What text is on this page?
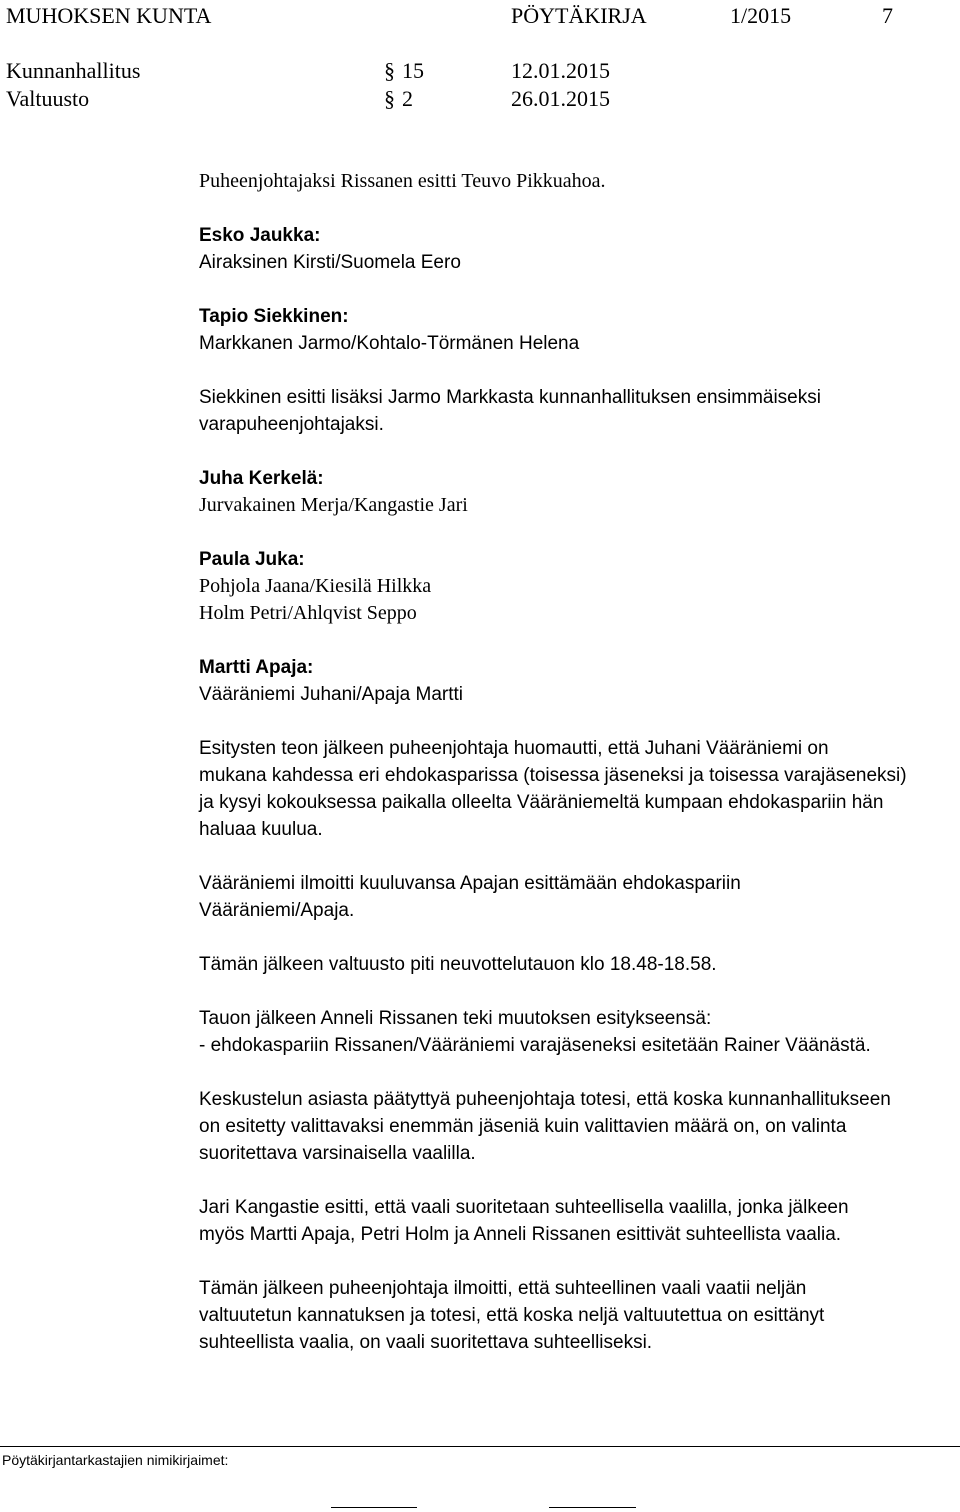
MUHOKSEN KUNTA	PÖYTÄKIRJA	1/2015	7
Kunnanhallitus	§ 15	12.01.2015
Valtuusto	§ 2	26.01.2015

Puheenjohtajaksi Rissanen esitti Teuvo Pikkuahoa.

Esko Jaukka:

Airaksinen Kirsti/Suomela Eero

Tapio Siekkinen:

Markkanen Jarmo/Kohtalo-Törmänen Helena

Siekkinen esitti lisäksi Jarmo Markkasta kunnanhallituksen ensimmäiseksi

varapuheenjohtajaksi.

Juha Kerkelä:

Jurvakainen Merja/Kangastie Jari

Paula Juka:

Pohjola Jaana/Kiesilä Hilkka

Holm Petri/Ahlqvist Seppo

Martti Apaja:

Vääräniemi Juhani/Apaja Martti

Esitysten teon jälkeen puheenjohtaja huomautti, että Juhani Vääräniemi on

mukana kahdessa eri ehdokasparissa (toisessa jäseneksi ja toisessa varajäseneksi)

ja kysyi kokouksessa paikalla olleelta Vääräniemeltä kumpaan ehdokaspariin hän

haluaa kuulua.

Vääräniemi ilmoitti kuuluvansa Apajan esittämään ehdokaspariin

Vääräniemi/Apaja.

Tämän jälkeen valtuusto piti neuvottelutauon klo 18.48-18.58.

Tauon jälkeen Anneli Rissanen teki muutoksen esitykseensä:

- ehdokaspariin Rissanen/Vääräniemi varajäseneksi esitetään Rainer Väänästä.

Keskustelun asiasta päätyttyä puheenjohtaja totesi, että koska kunnanhallitukseen

on esitetty valittavaksi enemmän jäseniä kuin valittavien määrä on, on valinta

suoritettava varsinaisella vaalilla.

Jari Kangastie esitti, että vaali suoritetaan suhteellisella vaalilla, jonka jälkeen

myös Martti Apaja, Petri Holm ja Anneli Rissanen esittivät suhteellista vaalia.

Tämän jälkeen puheenjohtaja ilmoitti, että suhteellinen vaali vaatii neljän

valtuutetun kannatuksen ja totesi, että koska neljä valtuutettua on esittänyt

suhteellista vaalia, on vaali suoritettava suhteelliseksi.

Pöytäkirjantarkastajien nimikirjaimet:
